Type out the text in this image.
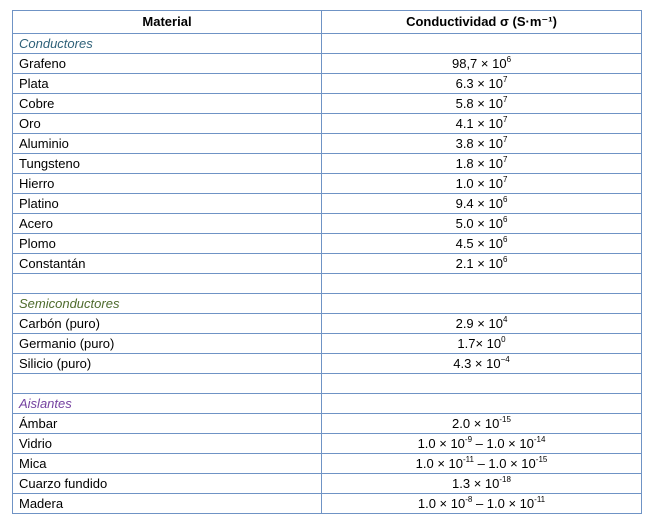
Material	Conductividad σ (S·m⁻¹)
Conductores	
Grafeno	$98,7 \times 10^6$
Plata	$6.3 \times 10^7$
Cobre	$5.8 \times 10^7$
Oro	$4.1 \times 10^7$
Aluminio	$3.8 \times 10^7$
Tungsteno	$1.8 \times 10^7$
Hierro	$1.0 \times 10^7$
Platino	$9.4 \times 10^6$
Acero	$5.0 \times 10^6$
Plomo	$4.5 \times 10^6$
Constantán	$2.1 \times 10^6$

Semiconductores	
Carbón (puro)	$2.9 \times 10^4$
Germanio (puro)	$1.7\times 10^0$
Silicio (puro)	$4.3 \times 10^{-4}$

Aislantes	
Ámbar	$2.0 \times 10^{-15}$
Vidrio	$1.0 \times 10^{-9} - 1.0 \times 10^{-14}$
Mica	$1.0 \times 10^{-11} - 1.0 \times 10^{-15}$
Cuarzo fundido	$1.3 \times 10^{-18}$
Madera	$1.0 \times 10^{-8} - 1.0 \times 10^{-11}$
